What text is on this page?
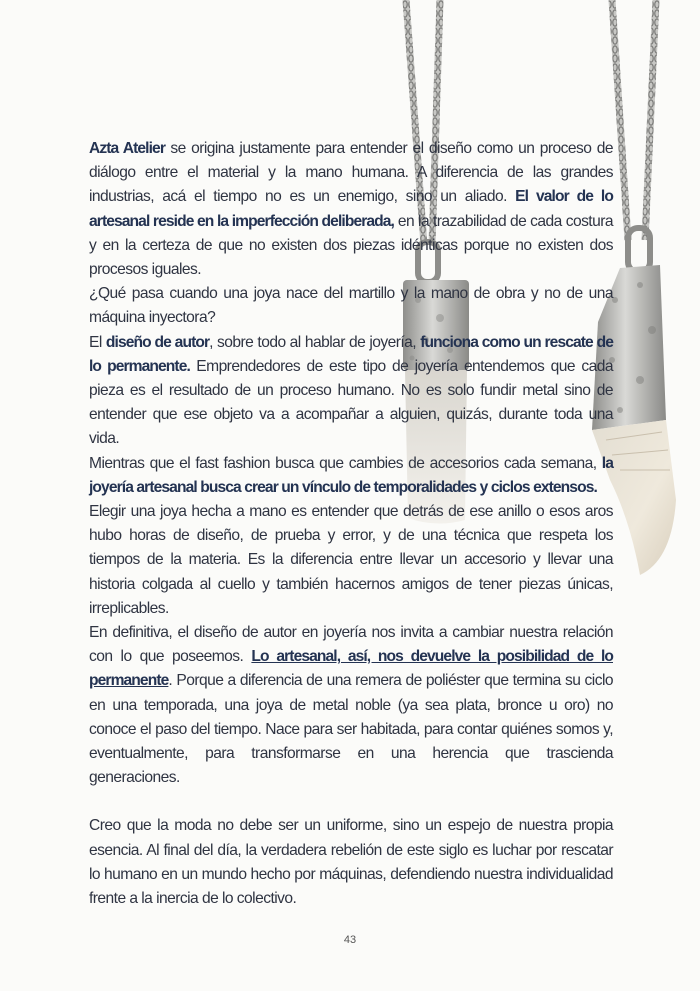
Azta Atelier se origina justamente para entender el diseño como un proceso de diálogo entre el material y la mano humana. A diferencia de las grandes industrias, acá el tiempo no es un enemigo, sino un aliado. El valor de lo artesanal reside en la imperfección deliberada, en la trazabilidad de cada costura y en la certeza de que no existen dos piezas idénticas porque no existen dos procesos iguales.

¿Qué pasa cuando una joya nace del martillo y la mano de obra y no de una máquina inyectora?

El diseño de autor, sobre todo al hablar de joyería, funciona como un rescate de lo permanente. Emprendedores de este tipo de joyería entendemos que cada pieza es el resultado de un proceso humano. No es solo fundir metal sino de entender que ese objeto va a acompañar a alguien, quizás, durante toda una vida.

Mientras que el fast fashion busca que cambies de accesorios cada semana, la joyería artesanal busca crear un vínculo de temporalidades y ciclos extensos.

Elegir una joya hecha a mano es entender que detrás de ese anillo o esos aros hubo horas de diseño, de prueba y error, y de una técnica que respeta los tiempos de la materia. Es la diferencia entre llevar un accesorio y llevar una historia colgada al cuello y también hacernos amigos de tener piezas únicas, irreplicables.

En definitiva, el diseño de autor en joyería nos invita a cambiar nuestra relación con lo que poseemos. Lo artesanal, así, nos devuelve la posibilidad de lo permanente. Porque a diferencia de una remera de poliéster que termina su ciclo en una temporada, una joya de metal noble (ya sea plata, bronce u oro) no conoce el paso del tiempo. Nace para ser habitada, para contar quiénes somos y, eventualmente, para transformarse en una herencia que trascienda generaciones.

Creo que la moda no debe ser un uniforme, sino un espejo de nuestra propia esencia. Al final del día, la verdadera rebelión de este siglo es luchar por rescatar lo humano en un mundo hecho por máquinas, defendiendo nuestra individualidad frente a la inercia de lo colectivo.

43
